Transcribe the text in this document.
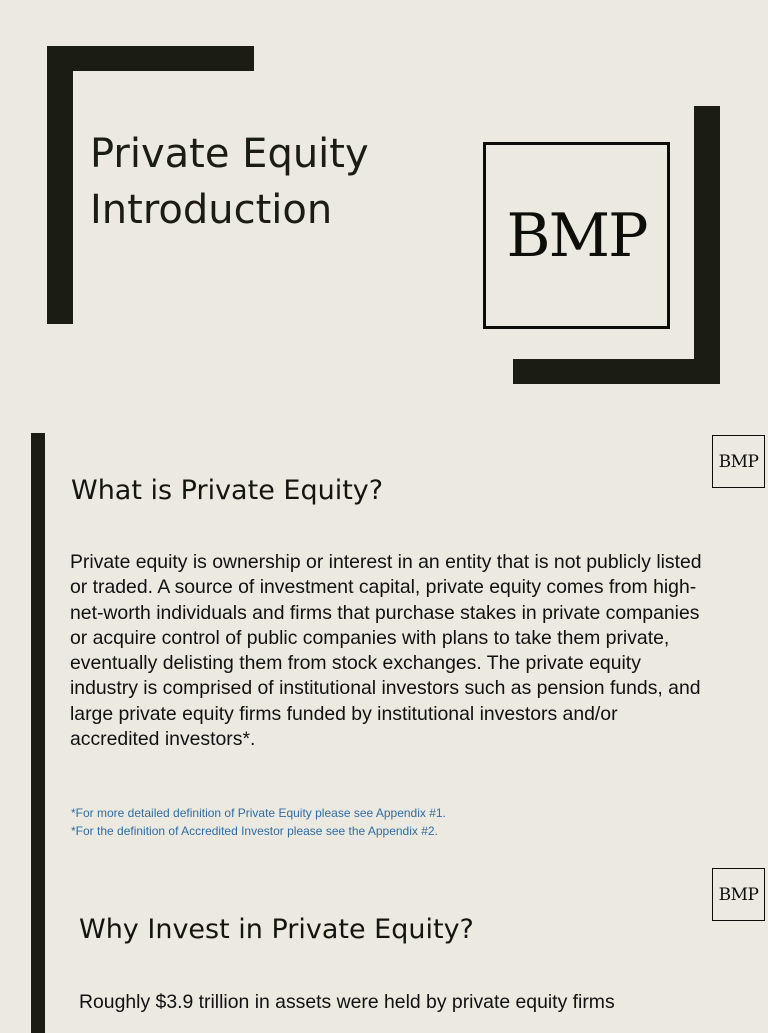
Private Equity
Introduction	BMP
BMP
What is Private Equity?

Private equity is ownership or interest in an entity that is not publicly listed or traded. A source of investment capital, private equity comes from high-net-worth individuals and firms that purchase stakes in private companies or acquire control of public companies with plans to take them private, eventually delisting them from stock exchanges. The private equity industry is comprised of institutional investors such as pension funds, and large private equity firms funded by institutional investors and/or accredited investors*.

*For more detailed definition of Private Equity please see Appendix #1.

*For the definition of Accredited Investor please see the Appendix #2.

BMP
Why Invest in Private Equity?

Roughly $3.9 trillion in assets were held by private equity firms
